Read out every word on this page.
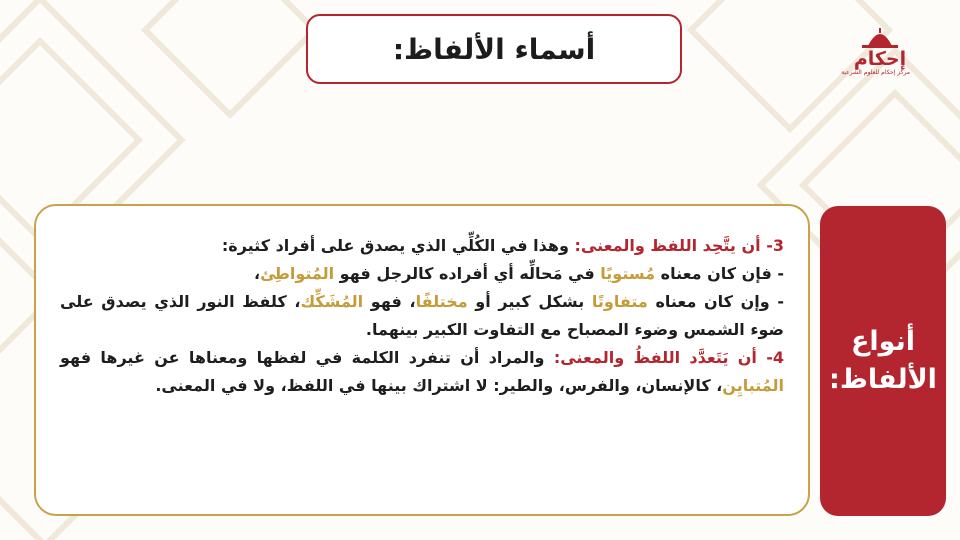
أسماء الألفاظ:	إحكام
مركز إحكام للعلوم الشرعية

3- أن يتَّحِد اللفظ والمعنى: وهذا في الكُلِّي الذي يصدق على أفراد كثيرة:

- فإن كان معناه مُستويًا في مَحالِّه أي أفراده كالرجل فهو المُتواطِئ،

- وإن كان معناه متفاوتًا بشكل كبير أو مختلفًا، فهو المُشَكِّك، كلفظ النور الذي يصدق على ضوء الشمس وضوء المصباح مع التفاوت الكبير بينهما.

4- أن يَتَعدَّد اللفظُ والمعنى: والمراد أن تنفرد الكلمة في لفظها ومعناها عن غيرها فهو المُتبايِن، كالإنسان، والفرس، والطير: لا اشتراك بينها في اللفظ، ولا في المعنى.

أنواع الألفاظ:
